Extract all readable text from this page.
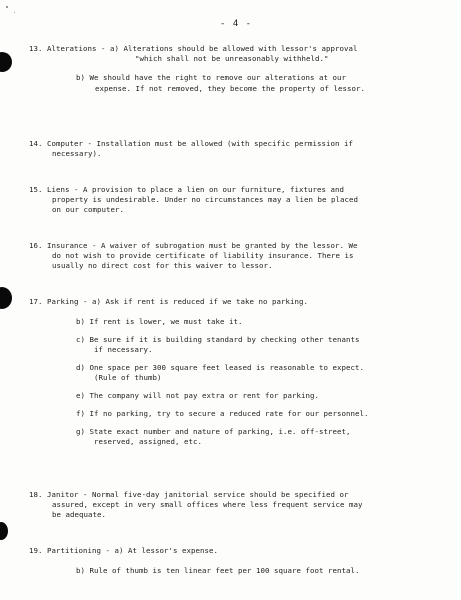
- 4 -
13. Alterations - a) Alterations should be allowed with lessor's approval
"which shall not be unreasonably withheld."
b) We should have the right to remove our alterations at our
expense. If not removed, they become the property of lessor.
14. Computer - Installation must be allowed (with specific permission if
necessary).
15. Liens - A provision to place a lien on our furniture, fixtures and
property is undesirable. Under no circumstances may a lien be placed
on our computer.
16. Insurance - A waiver of subrogation must be granted by the lessor. We
do not wish to provide certificate of liability insurance. There is
usually no direct cost for this waiver to lessor.
17. Parking - a) Ask if rent is reduced if we take no parking.
b) If rent is lower, we must take it.
c) Be sure if it is building standard by checking other tenants
if necessary.
d) One space per 300 square feet leased is reasonable to expect.
(Rule of thumb)
e) The company will not pay extra or rent for parking.
f) If no parking, try to secure a reduced rate for our personnel.
g) State exact number and nature of parking, i.e. off-street,
reserved, assigned, etc.
18. Janitor - Normal five-day janitorial service should be specified or
assured, except in very small offices where less frequent service may
be adequate.
19. Partitioning - a) At lessor's expense.
b) Rule of thumb is ten linear feet per 100 square foot rental.
